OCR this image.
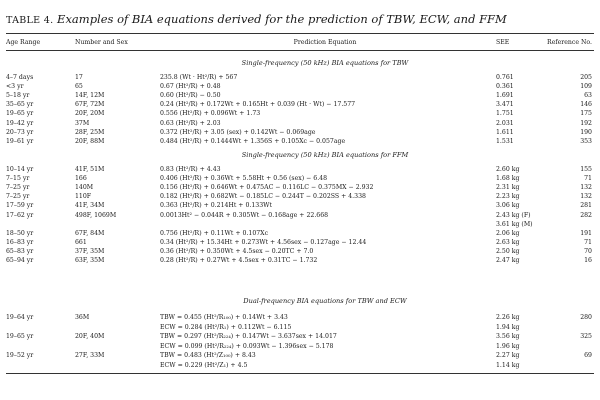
TABLE 4. Examples of BIA equations derived for the prediction of TBW, ECW, and FFM
Age Range	Number and Sex	Prediction Equation	SEE	Reference No.
Single-frequency (50 kHz) BIA equations for TBW
4–7 days	17	235.8 (Wt · Ht²/R) + 567	0.761	205
<3 yr	65	0.67 (Ht²/R) + 0.48	0.361	109
5–18 yr	14F, 12M	0.60 (Ht²/R) − 0.50	1.691	63
35–65 yr	67F, 72M	0.24 (Ht²/R) + 0.172Wt + 0.165Ht + 0.039 (Ht · Wt) − 17.577	3.471	146
19–65 yr	20F, 20M	0.556 (Ht²/R) + 0.096Wt + 1.73	1.751	175
19–42 yr	37M	0.63 (Ht²/R) + 2.03	2.031	192
20–73 yr	28F, 25M	0.372 (Ht²/R) + 3.05 (sex) + 0.142Wt − 0.069age	1.611	190
19–61 yr	20F, 88M	0.484 (Ht²/R) + 0.1444Wt + 1.356S + 0.105Xc − 0.057age	1.531	353
Single-frequency (50 kHz) BIA equations for FFM
10–14 yr	41F, 51M	0.83 (Ht²/R) + 4.43	2.60 kg	155
7–15 yr	166	0.406 (Ht²/R) + 0.36Wt + 5.58Ht + 0.56 (sex) − 6.48	1.68 kg	71
7–25 yr	140M	0.156 (Ht²/R) + 0.646Wt + 0.475AC − 0.116LC − 0.375MX − 2.932	2.31 kg	132
7–25 yr	110F	0.182 (Ht²/R) + 0.682Wt − 0.185LC − 0.244T − 0.202SS + 4.338	2.23 kg	132
17–59 yr	41F, 34M	0.363 (Ht²/R) + 0.214Ht + 0.133Wt	3.06 kg	281
17–62 yr	498F, 1069M	0.0013Ht² − 0.044R + 0.305Wt − 0.168age + 22.668	2.43 kg (F)	282
3.61 kg (M)
18–50 yr	67F, 84M	0.756 (Ht²/R) + 0.11Wt + 0.107Xc	2.06 kg	191
16–83 yr	661	0.34 (Ht²/R) + 15.34Ht + 0.273Wt + 4.56sex − 0.127age − 12.44	2.63 kg	71
65–83 yr	37F, 35M	0.36 (Ht²/R) + 0.350Wt + 4.5sex − 0.20TC + 7.0	2.50 kg	70
65–94 yr	63F, 35M	0.28 (Ht²/R) + 0.27Wt + 4.5sex + 0.31TC − 1.732	2.47 kg	16
Dual-frequency BIA equations for TBW and ECW
19–64 yr	36M	TBW = 0.455 (Ht²/R₁₀₀) + 0.14Wt + 3.43	2.26 kg	280
ECW = 0.284 (Ht²/R₁) + 0.112Wt − 6.115	1.94 kg
19–65 yr	20F, 40M	TBW = 0.297 (Ht²/R₂₂₄) + 0.147Wt − 3.637sex + 14.017	3.56 kg	325
ECW = 0.099 (Ht²/R₂₂₄) + 0.093Wt − 1.396sex − 5.178	1.96 kg
19–52 yr	27F, 33M	TBW = 0.483 (Ht²/Z₁₀₀) + 8.43	2.27 kg	69
ECW = 0.229 (Ht²/Z₁) + 4.5	1.14 kg
